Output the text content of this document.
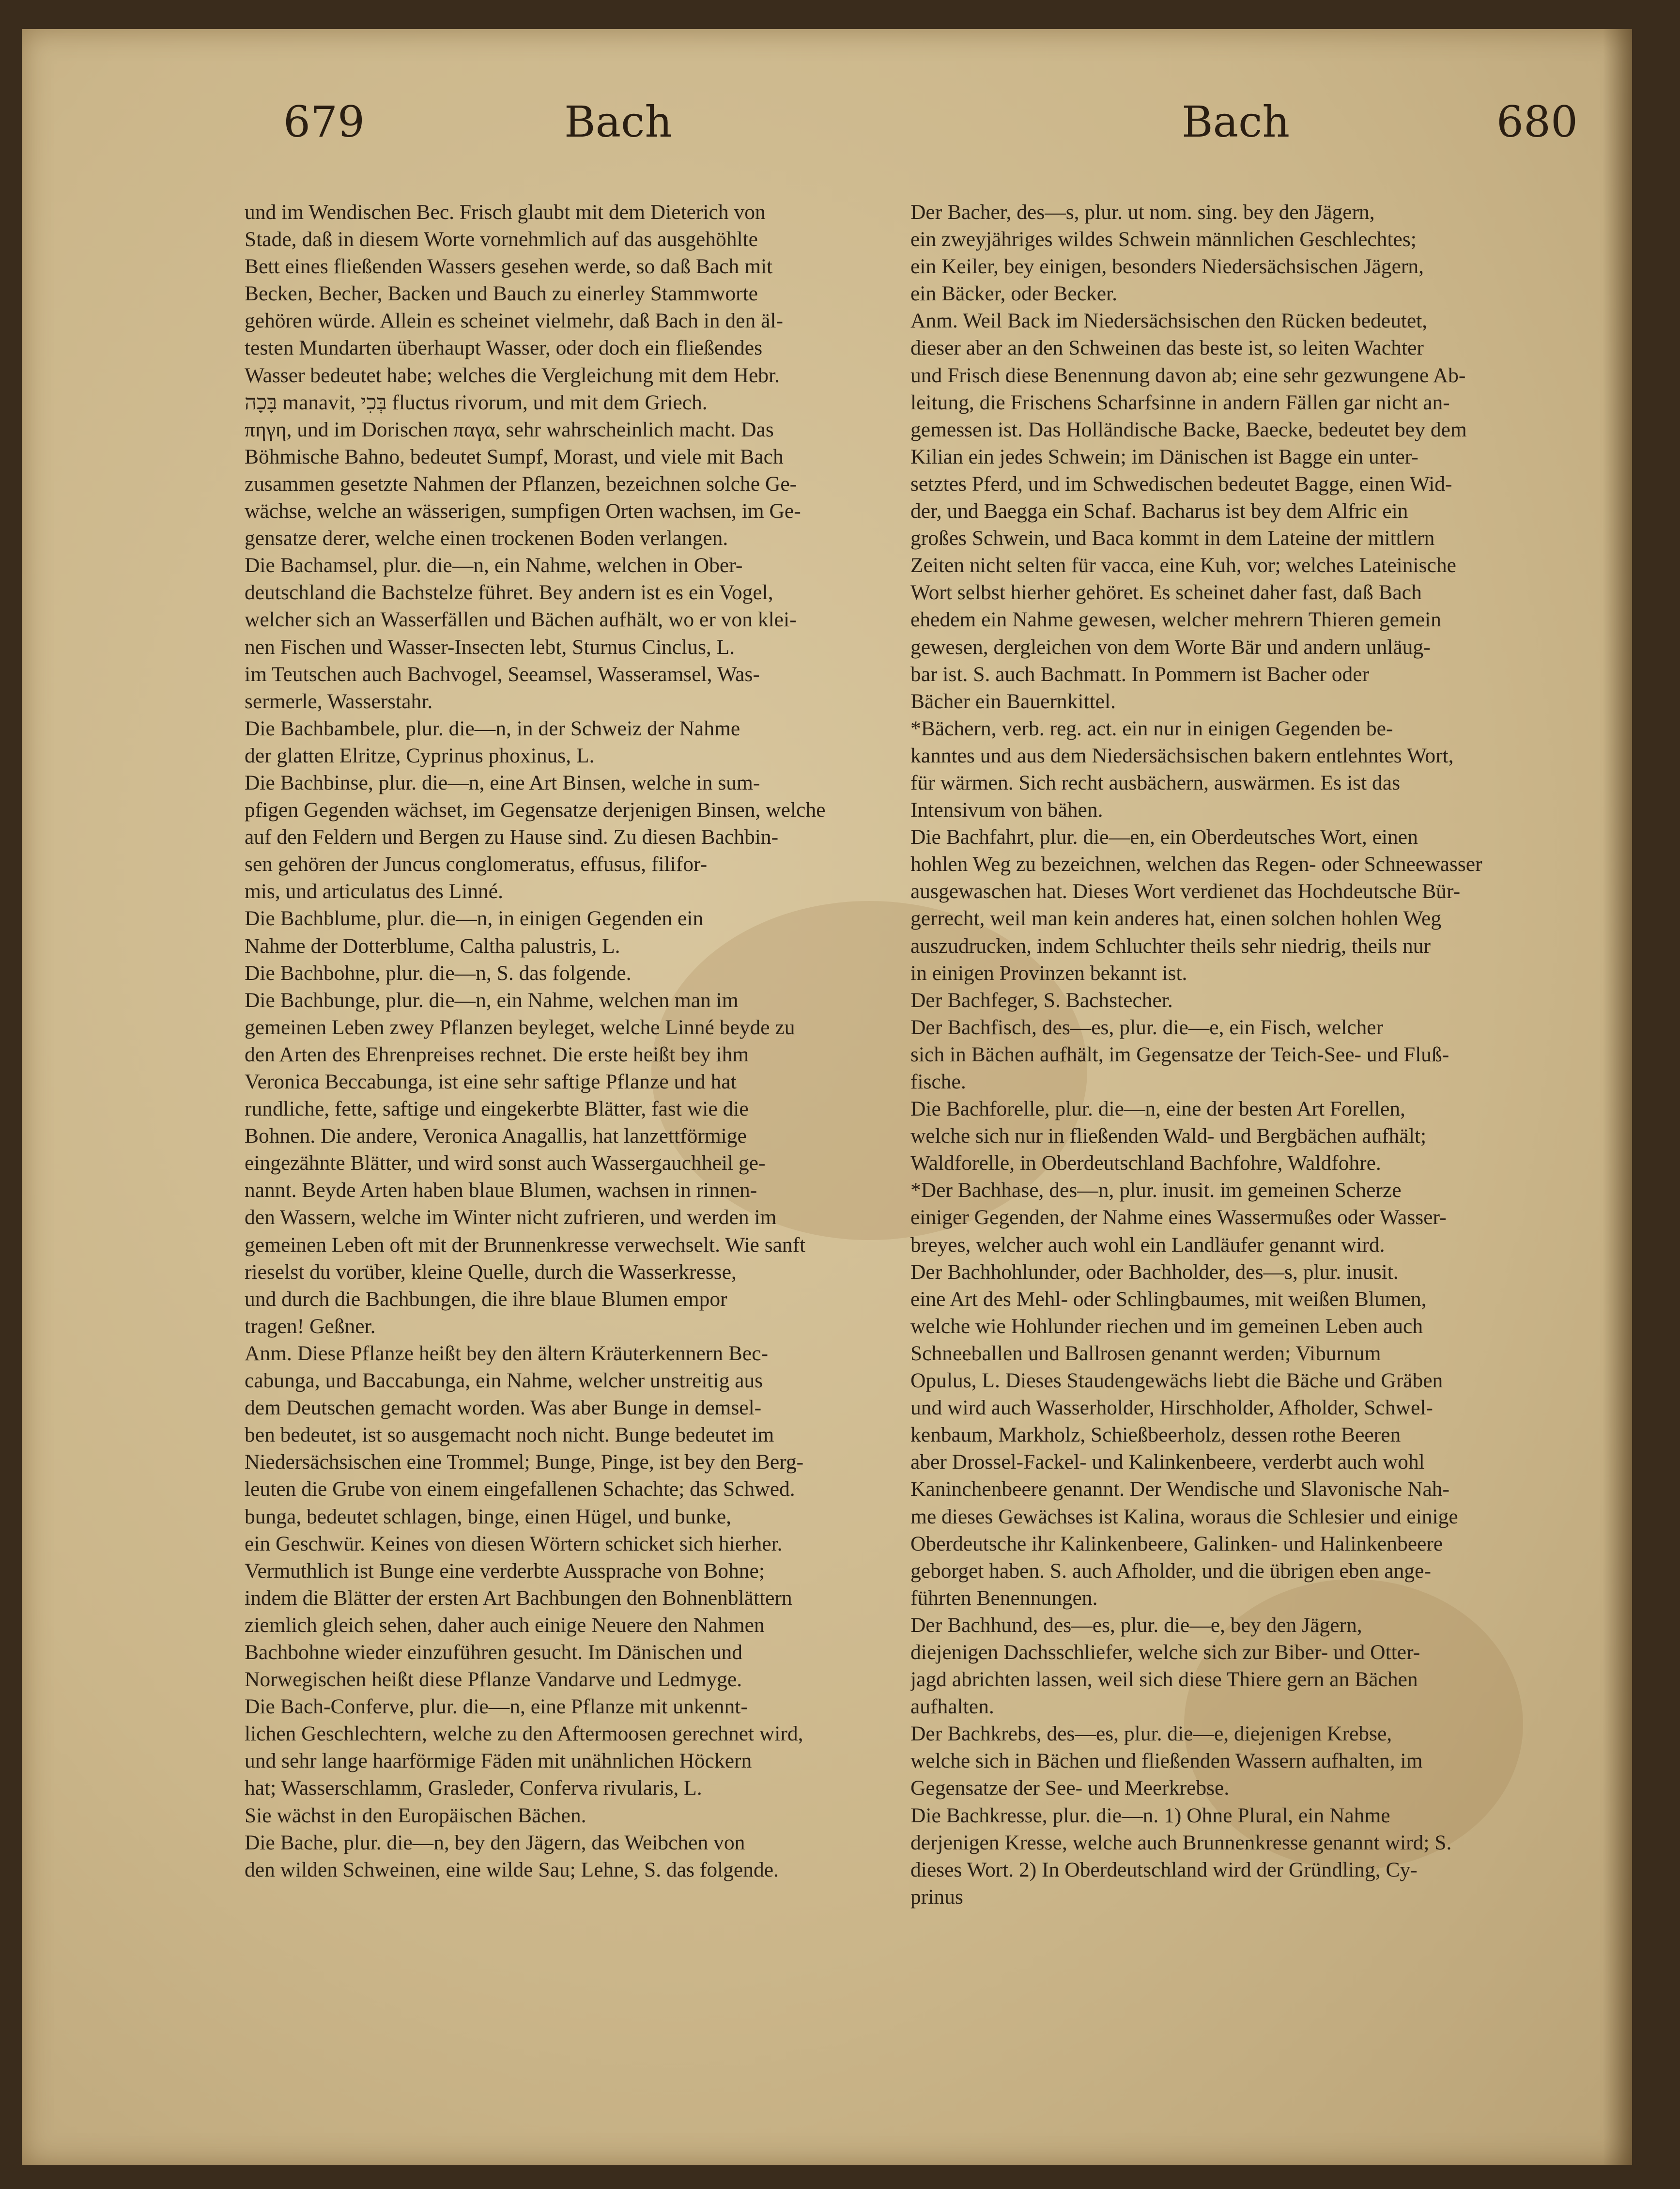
679	Bach	Bach	680
und im Wendischen Bec. Frisch glaubt mit dem Dieterich von
Stade, daß in diesem Worte vornehmlich auf das ausgehöhlte
Bett eines fließenden Wassers gesehen werde, so daß Bach mit
Becken, Becher, Backen und Bauch zu einerley Stammworte
gehören würde. Allein es scheinet vielmehr, daß Bach in den äl-
testen Mundarten überhaupt Wasser, oder doch ein fließendes
Wasser bedeutet habe; welches die Vergleichung mit dem Hebr.
בָּכָה manavit, בְּכִי fluctus rivorum, und mit dem Griech.
πηγη, und im Dorischen παγα, sehr wahrscheinlich macht. Das
Böhmische Bahno, bedeutet Sumpf, Morast, und viele mit Bach
zusammen gesetzte Nahmen der Pflanzen, bezeichnen solche Ge-
wächse, welche an wässerigen, sumpfigen Orten wachsen, im Ge-
gensatze derer, welche einen trockenen Boden verlangen.
Die Bachamsel, plur. die—n, ein Nahme, welchen in Ober-
deutschland die Bachstelze führet. Bey andern ist es ein Vogel,
welcher sich an Wasserfällen und Bächen aufhält, wo er von klei-
nen Fischen und Wasser-Insecten lebt, Sturnus Cinclus, L.
im Teutschen auch Bachvogel, Seeamsel, Wasseramsel, Was-
sermerle, Wasserstahr.
Die Bachbambele, plur. die—n, in der Schweiz der Nahme
der glatten Elritze, Cyprinus phoxinus, L.
Die Bachbinse, plur. die—n, eine Art Binsen, welche in sum-
pfigen Gegenden wächset, im Gegensatze derjenigen Binsen, welche
auf den Feldern und Bergen zu Hause sind. Zu diesen Bachbin-
sen gehören der Juncus conglomeratus, effusus, filifor-
mis, und articulatus des Linné.
Die Bachblume, plur. die—n, in einigen Gegenden ein
Nahme der Dotterblume, Caltha palustris, L.
Die Bachbohne, plur. die—n, S. das folgende.
Die Bachbunge, plur. die—n, ein Nahme, welchen man im
gemeinen Leben zwey Pflanzen beyleget, welche Linné beyde zu
den Arten des Ehrenpreises rechnet. Die erste heißt bey ihm
Veronica Beccabunga, ist eine sehr saftige Pflanze und hat
rundliche, fette, saftige und eingekerbte Blätter, fast wie die
Bohnen. Die andere, Veronica Anagallis, hat lanzettförmige
eingezähnte Blätter, und wird sonst auch Wassergauchheil ge-
nannt. Beyde Arten haben blaue Blumen, wachsen in rinnen-
den Wassern, welche im Winter nicht zufrieren, und werden im
gemeinen Leben oft mit der Brunnenkresse verwechselt. Wie sanft
rieselst du vorüber, kleine Quelle, durch die Wasserkresse,
und durch die Bachbungen, die ihre blaue Blumen empor
tragen! Geßner.
Anm. Diese Pflanze heißt bey den ältern Kräuterkennern Bec-
cabunga, und Baccabunga, ein Nahme, welcher unstreitig aus
dem Deutschen gemacht worden. Was aber Bunge in demsel-
ben bedeutet, ist so ausgemacht noch nicht. Bunge bedeutet im
Niedersächsischen eine Trommel; Bunge, Pinge, ist bey den Berg-
leuten die Grube von einem eingefallenen Schachte; das Schwed.
bunga, bedeutet schlagen, binge, einen Hügel, und bunke,
ein Geschwür. Keines von diesen Wörtern schicket sich hierher.
Vermuthlich ist Bunge eine verderbte Aussprache von Bohne;
indem die Blätter der ersten Art Bachbungen den Bohnenblättern
ziemlich gleich sehen, daher auch einige Neuere den Nahmen
Bachbohne wieder einzuführen gesucht. Im Dänischen und
Norwegischen heißt diese Pflanze Vandarve und Ledmyge.
Die Bach-Conferve, plur. die—n, eine Pflanze mit unkennt-
lichen Geschlechtern, welche zu den Aftermoosen gerechnet wird,
und sehr lange haarförmige Fäden mit unähnlichen Höckern
hat; Wasserschlamm, Grasleder, Conferva rivularis, L.
Sie wächst in den Europäischen Bächen.
Die Bache, plur. die—n, bey den Jägern, das Weibchen von
den wilden Schweinen, eine wilde Sau; Lehne, S. das folgende.
Der Bacher, des—s, plur. ut nom. sing. bey den Jägern,
ein zweyjähriges wildes Schwein männlichen Geschlechtes;
ein Keiler, bey einigen, besonders Niedersächsischen Jägern,
ein Bäcker, oder Becker.
Anm. Weil Back im Niedersächsischen den Rücken bedeutet,
dieser aber an den Schweinen das beste ist, so leiten Wachter
und Frisch diese Benennung davon ab; eine sehr gezwungene Ab-
leitung, die Frischens Scharfsinne in andern Fällen gar nicht an-
gemessen ist. Das Holländische Backe, Baecke, bedeutet bey dem
Kilian ein jedes Schwein; im Dänischen ist Bagge ein unter-
setztes Pferd, und im Schwedischen bedeutet Bagge, einen Wid-
der, und Baegga ein Schaf. Bacharus ist bey dem Alfric ein
großes Schwein, und Baca kommt in dem Lateine der mittlern
Zeiten nicht selten für vacca, eine Kuh, vor; welches Lateinische
Wort selbst hierher gehöret. Es scheinet daher fast, daß Bach
ehedem ein Nahme gewesen, welcher mehrern Thieren gemein
gewesen, dergleichen von dem Worte Bär und andern unläug-
bar ist. S. auch Bachmatt. In Pommern ist Bacher oder
Bächer ein Bauernkittel.
*Bächern, verb. reg. act. ein nur in einigen Gegenden be-
kanntes und aus dem Niedersächsischen bakern entlehntes Wort,
für wärmen. Sich recht ausbächern, auswärmen. Es ist das
Intensivum von bähen.
Die Bachfahrt, plur. die—en, ein Oberdeutsches Wort, einen
hohlen Weg zu bezeichnen, welchen das Regen- oder Schneewasser
ausgewaschen hat. Dieses Wort verdienet das Hochdeutsche Bür-
gerrecht, weil man kein anderes hat, einen solchen hohlen Weg
auszudrucken, indem Schluchter theils sehr niedrig, theils nur
in einigen Provinzen bekannt ist.
Der Bachfeger, S. Bachstecher.
Der Bachfisch, des—es, plur. die—e, ein Fisch, welcher
sich in Bächen aufhält, im Gegensatze der Teich-See- und Fluß-
fische.
Die Bachforelle, plur. die—n, eine der besten Art Forellen,
welche sich nur in fließenden Wald- und Bergbächen aufhält;
Waldforelle, in Oberdeutschland Bachfohre, Waldfohre.
*Der Bachhase, des—n, plur. inusit. im gemeinen Scherze
einiger Gegenden, der Nahme eines Wassermußes oder Wasser-
breyes, welcher auch wohl ein Landläufer genannt wird.
Der Bachhohlunder, oder Bachholder, des—s, plur. inusit.
eine Art des Mehl- oder Schlingbaumes, mit weißen Blumen,
welche wie Hohlunder riechen und im gemeinen Leben auch
Schneeballen und Ballrosen genannt werden; Viburnum
Opulus, L. Dieses Staudengewächs liebt die Bäche und Gräben
und wird auch Wasserholder, Hirschholder, Afholder, Schwel-
kenbaum, Markholz, Schießbeerholz, dessen rothe Beeren
aber Drossel-Fackel- und Kalinkenbeere, verderbt auch wohl
Kaninchenbeere genannt. Der Wendische und Slavonische Nah-
me dieses Gewächses ist Kalina, woraus die Schlesier und einige
Oberdeutsche ihr Kalinkenbeere, Galinken- und Halinkenbeere
geborget haben. S. auch Afholder, und die übrigen eben ange-
führten Benennungen.
Der Bachhund, des—es, plur. die—e, bey den Jägern,
diejenigen Dachsschliefer, welche sich zur Biber- und Otter-
jagd abrichten lassen, weil sich diese Thiere gern an Bächen
aufhalten.
Der Bachkrebs, des—es, plur. die—e, diejenigen Krebse,
welche sich in Bächen und fließenden Wassern aufhalten, im
Gegensatze der See- und Meerkrebse.
Die Bachkresse, plur. die—n. 1) Ohne Plural, ein Nahme
derjenigen Kresse, welche auch Brunnenkresse genannt wird; S.
dieses Wort. 2) In Oberdeutschland wird der Gründling, Cy-
prinus
